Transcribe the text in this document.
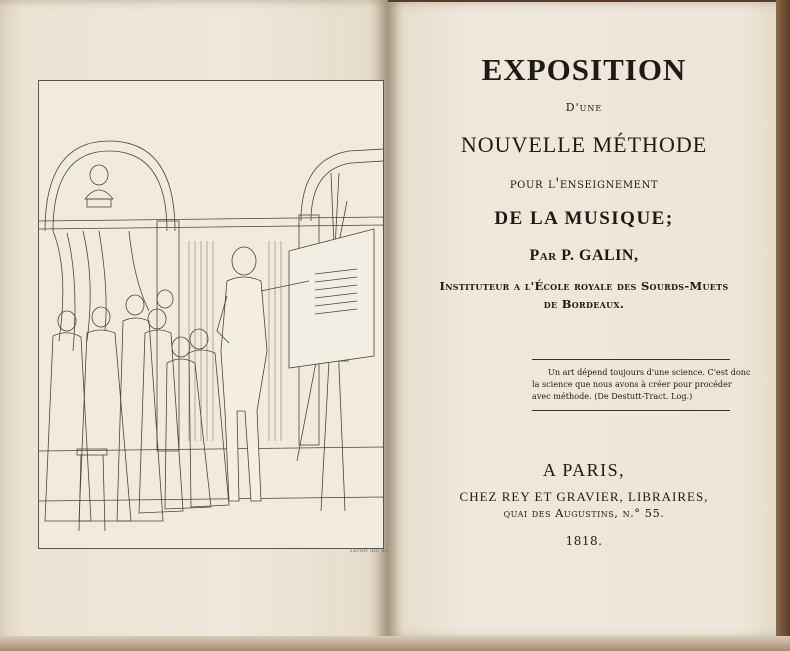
Lecerf inv. sc.
EXPOSITION
D'une
NOUVELLE MÉTHODE
pour l'enseignement
DE LA MUSIQUE;
Par P. GALIN,
Instituteur a l'École royale des Sourds-Muets
de Bordeaux.

Un art dépend toujours d'une science. C'est donc

la science que nous avons à créer pour procéder

avec méthode. (De Destutt-Tract. Log.)

A PARIS,
CHEZ REY ET GRAVIER, LIBRAIRES,
quai des Augustins, n.° 55.
1818.
